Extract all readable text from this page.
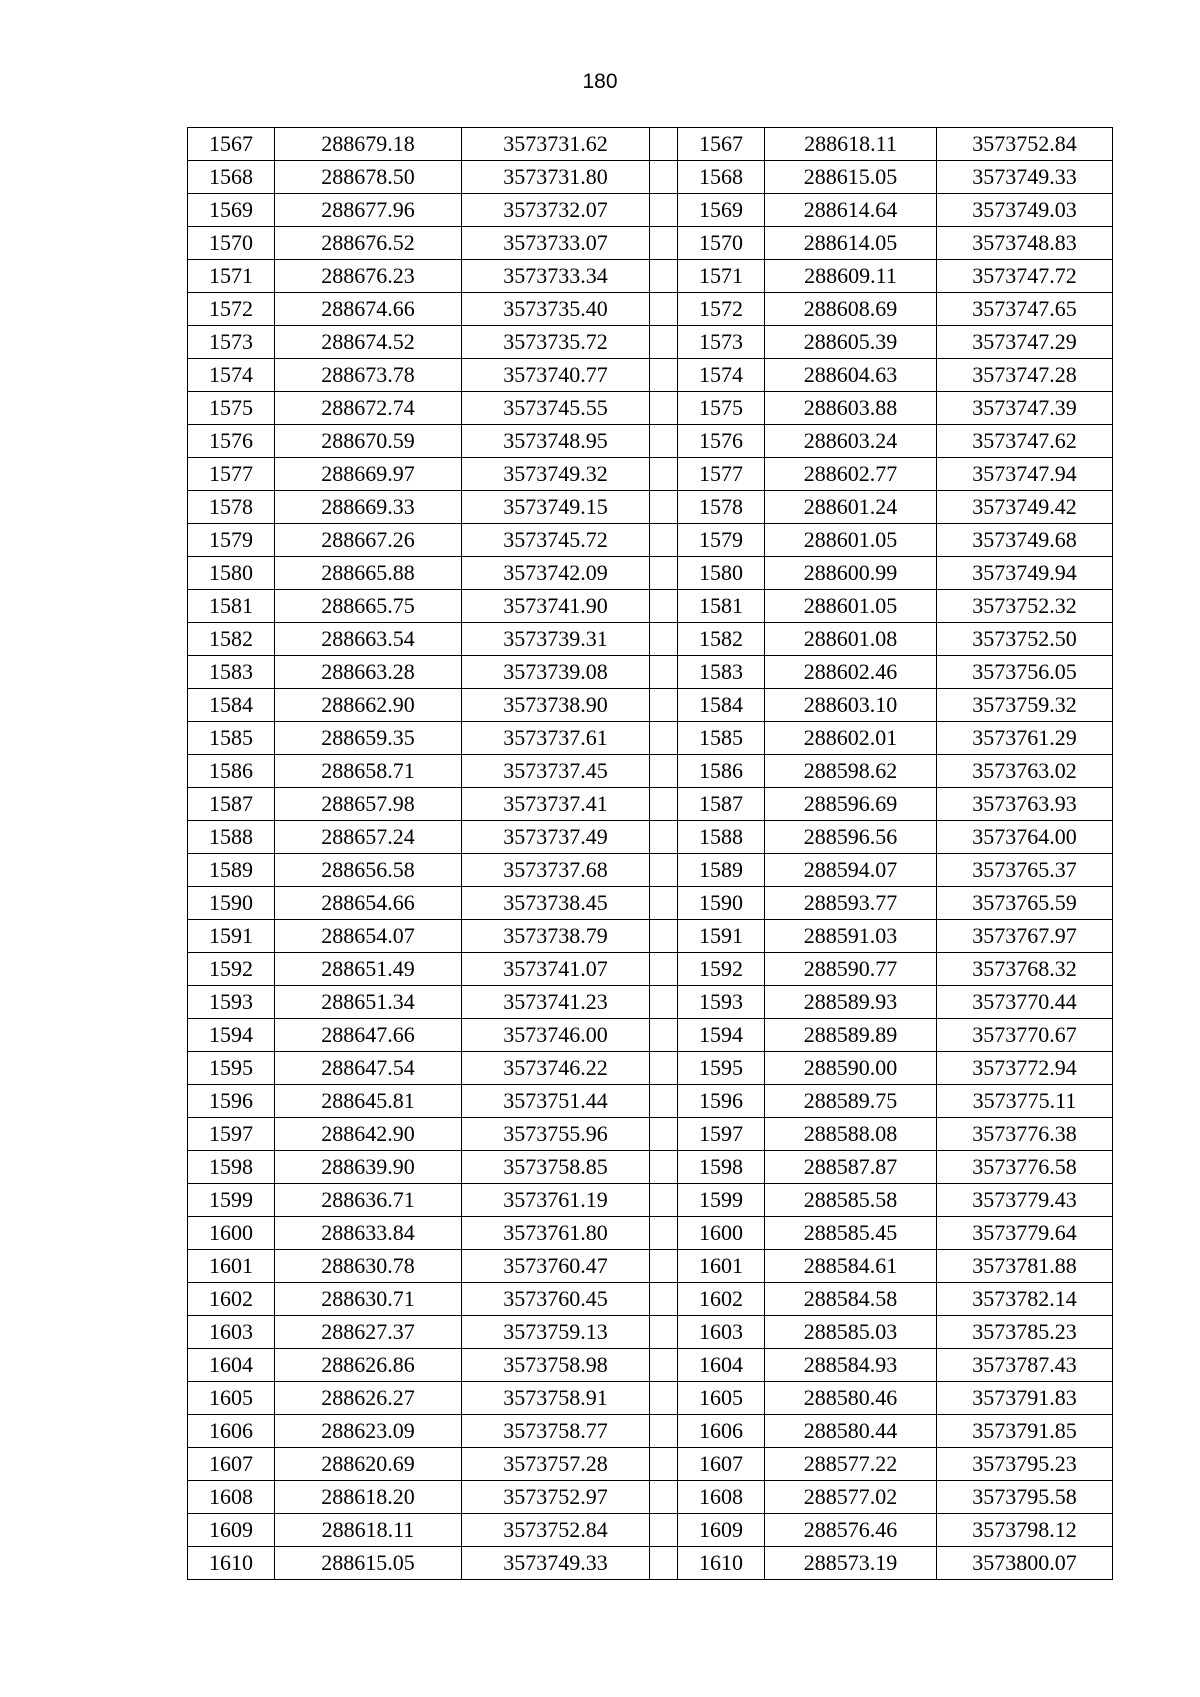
180
1567	288679.18	3573731.62		1567	288618.11	3573752.84
1568	288678.50	3573731.80		1568	288615.05	3573749.33
1569	288677.96	3573732.07		1569	288614.64	3573749.03
1570	288676.52	3573733.07		1570	288614.05	3573748.83
1571	288676.23	3573733.34		1571	288609.11	3573747.72
1572	288674.66	3573735.40		1572	288608.69	3573747.65
1573	288674.52	3573735.72		1573	288605.39	3573747.29
1574	288673.78	3573740.77		1574	288604.63	3573747.28
1575	288672.74	3573745.55		1575	288603.88	3573747.39
1576	288670.59	3573748.95		1576	288603.24	3573747.62
1577	288669.97	3573749.32		1577	288602.77	3573747.94
1578	288669.33	3573749.15		1578	288601.24	3573749.42
1579	288667.26	3573745.72		1579	288601.05	3573749.68
1580	288665.88	3573742.09		1580	288600.99	3573749.94
1581	288665.75	3573741.90		1581	288601.05	3573752.32
1582	288663.54	3573739.31		1582	288601.08	3573752.50
1583	288663.28	3573739.08		1583	288602.46	3573756.05
1584	288662.90	3573738.90		1584	288603.10	3573759.32
1585	288659.35	3573737.61		1585	288602.01	3573761.29
1586	288658.71	3573737.45		1586	288598.62	3573763.02
1587	288657.98	3573737.41		1587	288596.69	3573763.93
1588	288657.24	3573737.49		1588	288596.56	3573764.00
1589	288656.58	3573737.68		1589	288594.07	3573765.37
1590	288654.66	3573738.45		1590	288593.77	3573765.59
1591	288654.07	3573738.79		1591	288591.03	3573767.97
1592	288651.49	3573741.07		1592	288590.77	3573768.32
1593	288651.34	3573741.23		1593	288589.93	3573770.44
1594	288647.66	3573746.00		1594	288589.89	3573770.67
1595	288647.54	3573746.22		1595	288590.00	3573772.94
1596	288645.81	3573751.44		1596	288589.75	3573775.11
1597	288642.90	3573755.96		1597	288588.08	3573776.38
1598	288639.90	3573758.85		1598	288587.87	3573776.58
1599	288636.71	3573761.19		1599	288585.58	3573779.43
1600	288633.84	3573761.80		1600	288585.45	3573779.64
1601	288630.78	3573760.47		1601	288584.61	3573781.88
1602	288630.71	3573760.45		1602	288584.58	3573782.14
1603	288627.37	3573759.13		1603	288585.03	3573785.23
1604	288626.86	3573758.98		1604	288584.93	3573787.43
1605	288626.27	3573758.91		1605	288580.46	3573791.83
1606	288623.09	3573758.77		1606	288580.44	3573791.85
1607	288620.69	3573757.28		1607	288577.22	3573795.23
1608	288618.20	3573752.97		1608	288577.02	3573795.58
1609	288618.11	3573752.84		1609	288576.46	3573798.12
1610	288615.05	3573749.33		1610	288573.19	3573800.07
